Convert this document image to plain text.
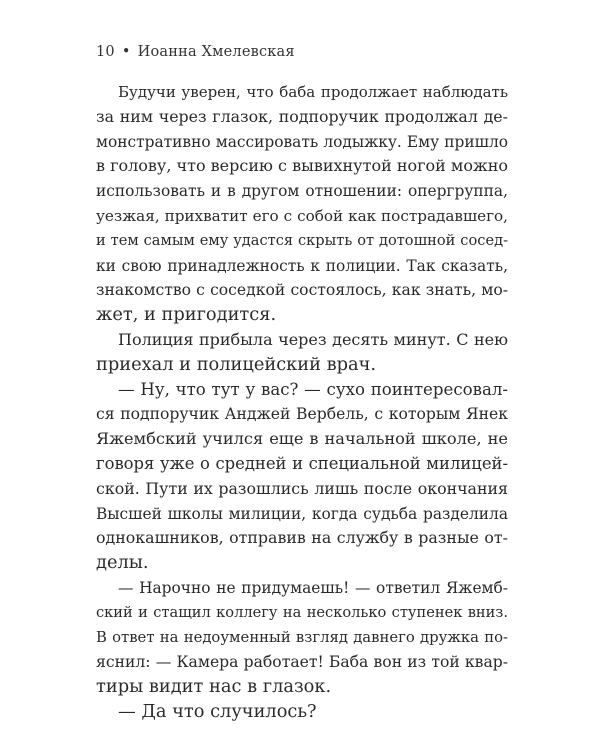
10 • Иоанна Хмелевская
Будучи уверен, что баба продолжает наблюдать
за ним через глазок, подпоручик продолжал де-
монстративно массировать лодыжку. Ему пришло
в голову, что версию с вывихнутой ногой можно
использовать и в другом отношении: опергруппа,
уезжая, прихватит его с собой как пострадавшего,
и тем самым ему удастся скрыть от дотошной сосед-
ки свою принадлежность к полиции. Так сказать,
знакомство с соседкой состоялось, как знать, мо-
жет, и пригодится.
Полиция прибыла через десять минут. С нею
приехал и полицейский врач.
— Ну, что тут у вас? — сухо поинтересовал-
ся подпоручик Анджей Вербель, с которым Янек
Яжембский учился еще в начальной школе, не
говоря уже о средней и специальной милицей-
ской. Пути их разошлись лишь после окончания
Высшей школы милиции, когда судьба разделила
однокашников, отправив на службу в разные от-
делы.
— Нарочно не придумаешь! — ответил Яжемб-
ский и стащил коллегу на несколько ступенек вниз.
В ответ на недоуменный взгляд давнего дружка по-
яснил: — Камера работает! Баба вон из той квар-
тиры видит нас в глазок.
— Да что случилось?
